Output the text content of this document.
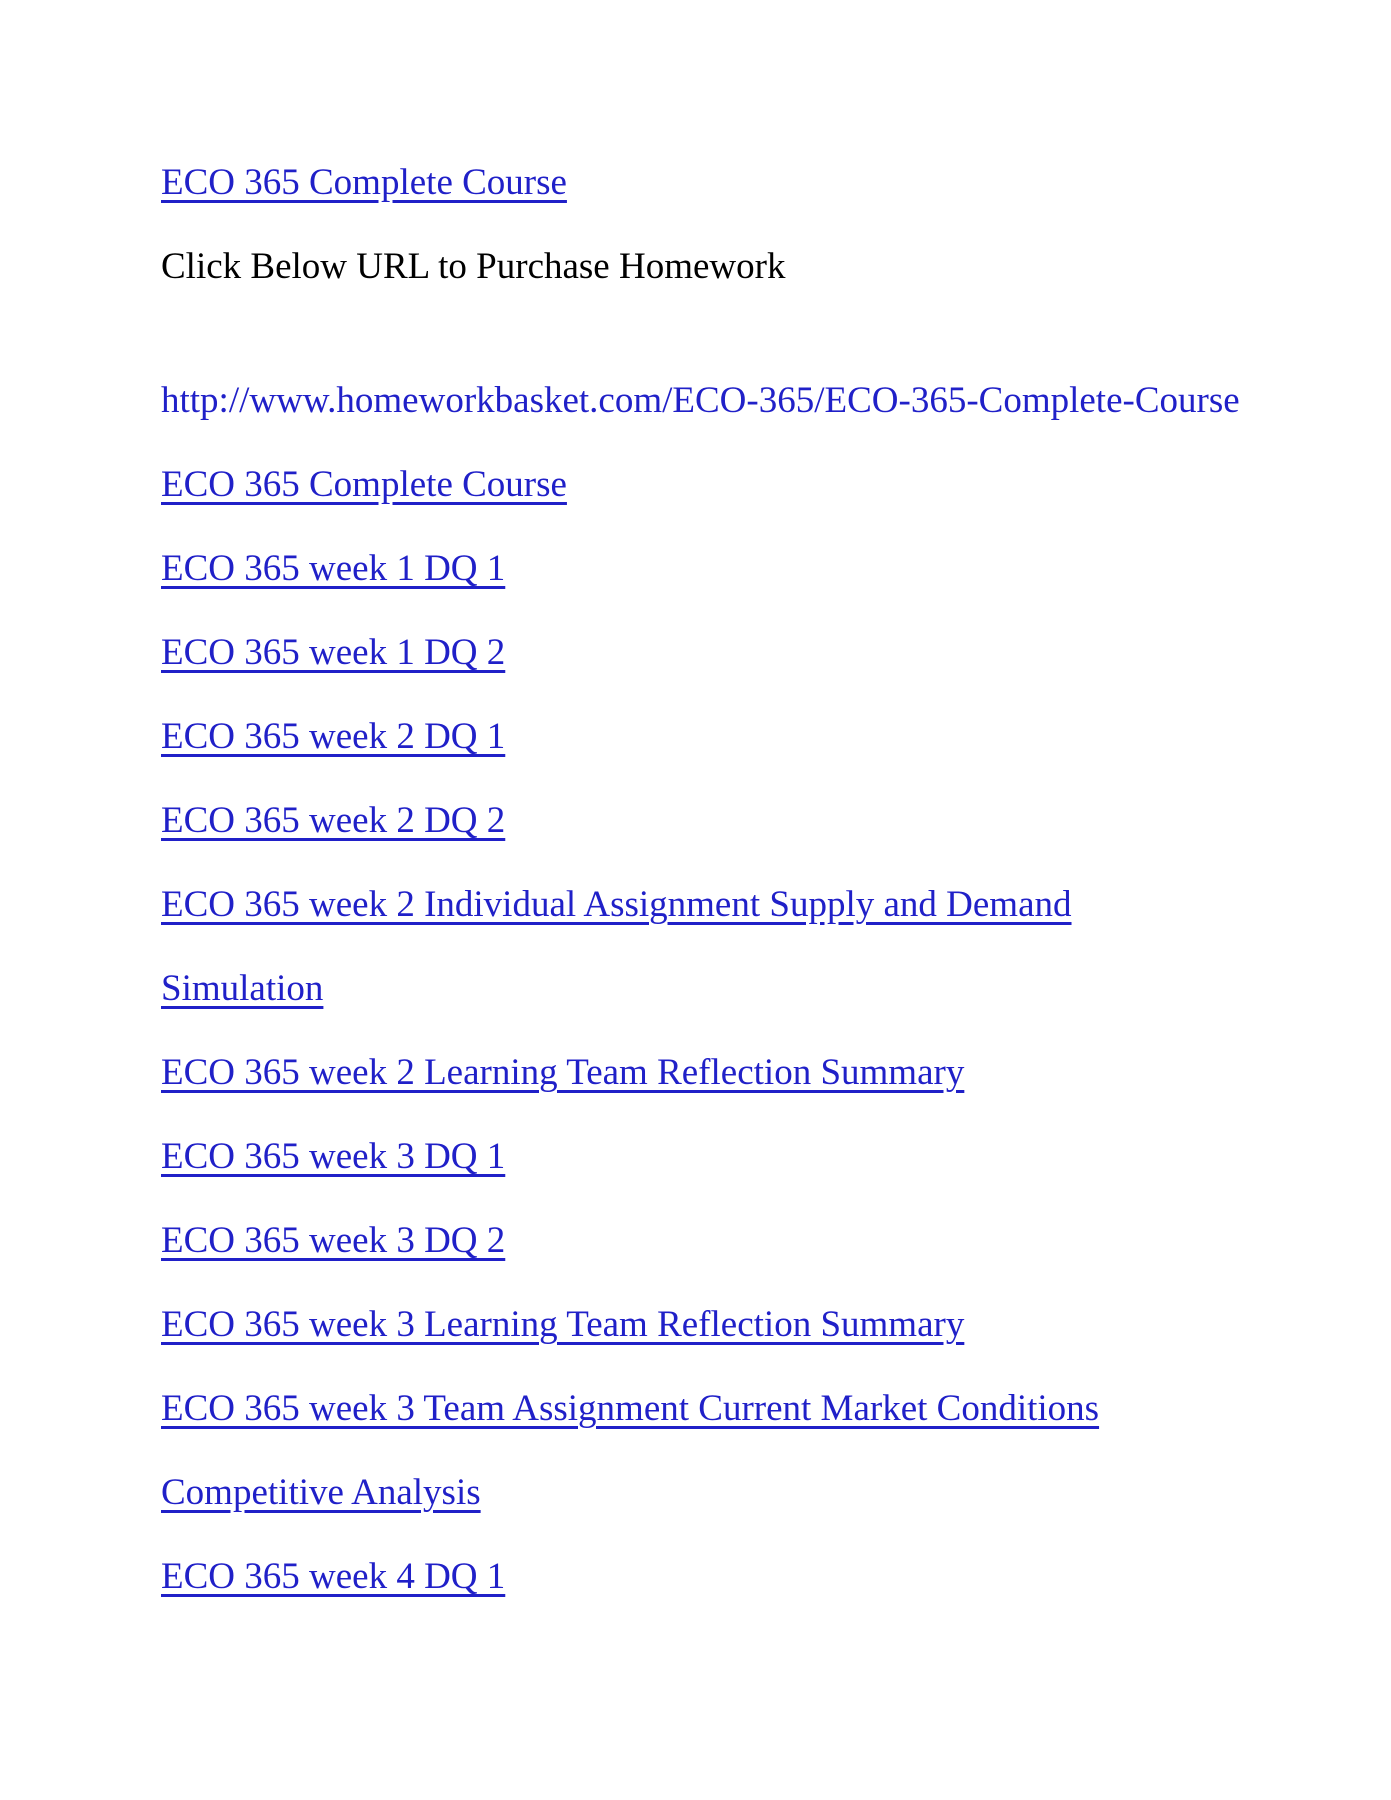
ECO 365 Complete Course

Click Below URL to Purchase Homework

http://www.homeworkbasket.com/ECO-365/ECO-365-Complete-Course

ECO 365 Complete Course

ECO 365 week 1 DQ 1

ECO 365 week 1 DQ 2

ECO 365 week 2 DQ 1

ECO 365 week 2 DQ 2

ECO 365 week 2 Individual Assignment Supply and Demand Simulation

ECO 365 week 2 Learning Team Reflection Summary

ECO 365 week 3 DQ 1

ECO 365 week 3 DQ 2

ECO 365 week 3 Learning Team Reflection Summary

ECO 365 week 3 Team Assignment Current Market Conditions Competitive Analysis

ECO 365 week 4 DQ 1
